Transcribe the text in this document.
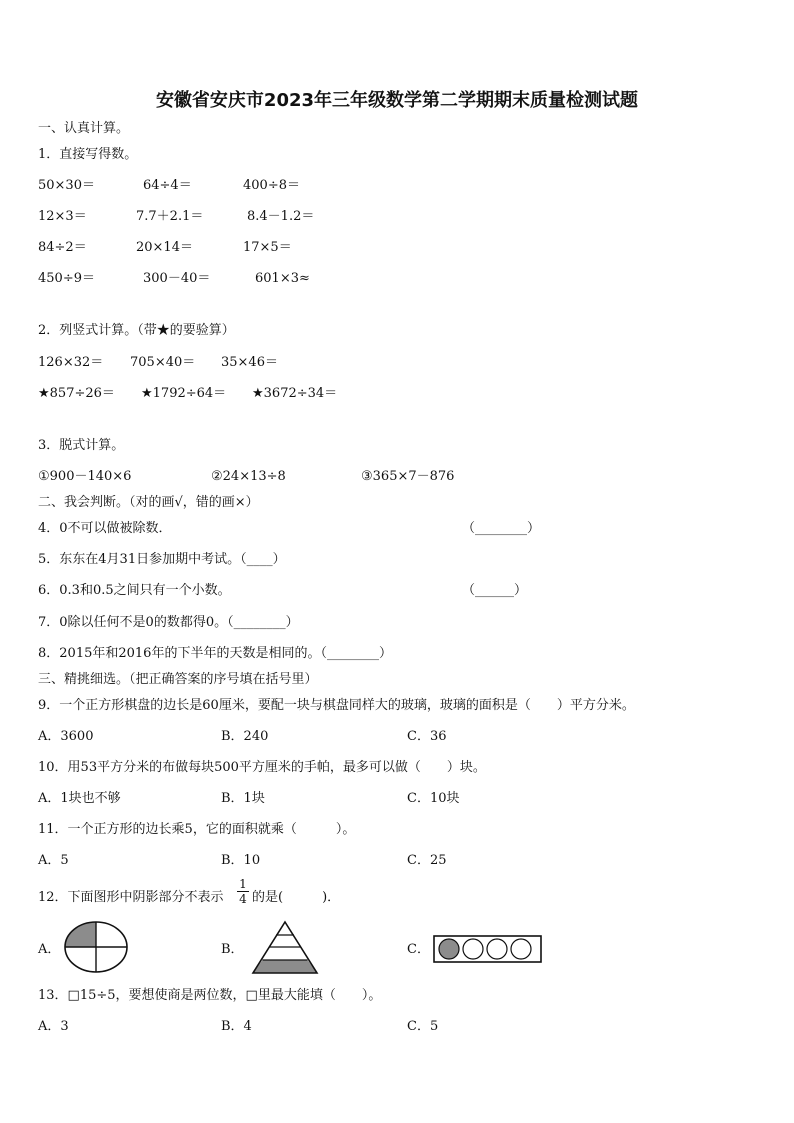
安徽省安庆市2023年三年级数学第二学期期末质量检测试题
一、认真计算。
1．直接写得数。
50×30＝	64÷4＝	400÷8＝
12×3＝	7.7＋2.1＝	8.4－1.2＝
84÷2＝	20×14＝	17×5＝
450÷9＝	300－40＝	601×3≈
2．列竖式计算。（带★的要验算）
126×32＝ 705×40＝ 35×46＝
★857÷26＝ ★1792÷64＝ ★3672÷34＝
3．脱式计算。
①900－140×6	②24×13÷8	③365×7－876
二、我会判断。（对的画√，错的画×）
4．0不可以做被除数．	（________）
5．东东在4月31日参加期中考试。（____）
6．0.3和0.5之间只有一个小数。	（______）
7．0除以任何不是0的数都得0。（________）
8．2015年和2016年的下半年的天数是相同的。（________）
三、精挑细选。（把正确答案的序号填在括号里）
9．一个正方形棋盘的边长是60厘米，要配一块与棋盘同样大的玻璃，玻璃的面积是（　　）平方分米。
A．3600	B．240	C．36
10．用53平方分米的布做每块500平方厘米的手帕，最多可以做（　　）块。
A．1块也不够	B．1块	C．10块
11．一个正方形的边长乘5，它的面积就乘（　　　）。
A．5	B．10	C．25
12．下面图形中阴影部分不表示
1
4 的是(　　　)．
A．	B．	C．
13．□15÷5，要想使商是两位数，□里最大能填（　　）。
A．3	B．4	C．5
